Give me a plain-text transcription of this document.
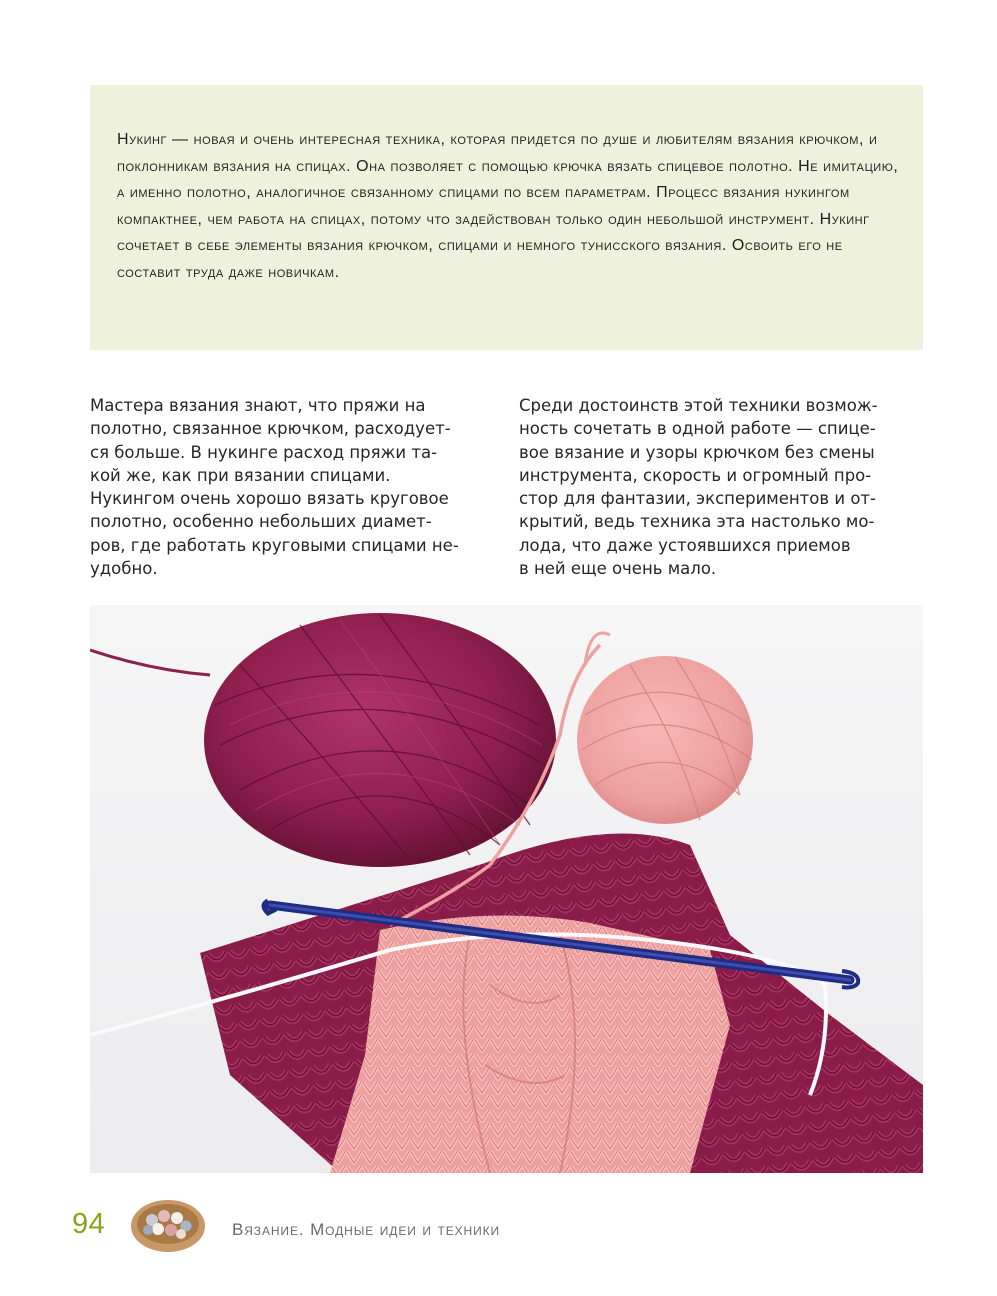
Нукинг — новая и очень интересная техника, которая придется по душе и любителям вязания крючком, и поклонникам вязания на спицах. Она позволяет с помощью крючка вязать спицевое полотно. Не имитацию, а именно полотно, аналогичное связанному спицами по всем параметрам. Процесс вязания нукингом компактнее, чем работа на спицах, потому что задействован только один небольшой инструмент. Нукинг сочетает в себе элементы вязания крючком, спицами и немного тунисского вязания. Освоить его не составит труда даже новичкам.

Мастера вязания знают, что пряжи на
полотно, связанное крючком, расходует-
ся больше. В нукинге расход пряжи та-
кой же, как при вязании спицами.
Нукингом очень хорошо вязать круговое
полотно, особенно небольших диамет-
ров, где работать круговыми спицами не-
удобно.
Среди достоинств этой техники возмож-
ность сочетать в одной работе — спице-
вое вязание и узоры крючком без смены
инструмента, скорость и огромный про-
стор для фантазии, экспериментов и от-
крытий, ведь техника эта настолько мо-
лода, что даже устоявшихся приемов
в ней еще очень мало.
94	Вязание. Модные идеи и техники
